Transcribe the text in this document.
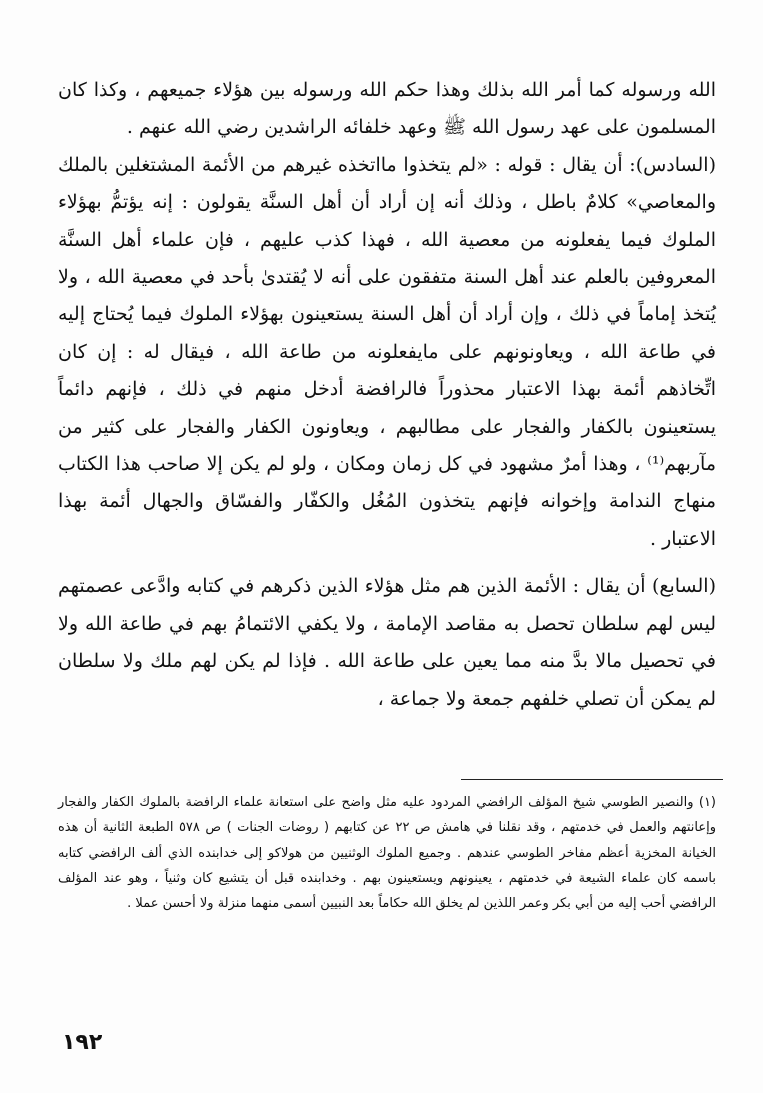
الله ورسوله كما أمر الله بذلك وهذا حكم الله ورسوله بين هؤلاء جميعهم ، وكذا كان المسلمون على عهد رسول الله ﷺ وعهد خلفائه الراشدين رضي الله عنهم .

(السادس): أن يقال : قوله : «لم يتخذوا مااتخذه غيرهم من الأئمة المشتغلين بالملك والمعاصي» كلامٌ باطل ، وذلك أنه إن أراد أن أهل السنَّة يقولون : إنه يؤتمُّ بهؤلاء الملوك فيما يفعلونه من معصية الله ، فهذا كذب عليهم ، فإن علماء أهل السنَّة المعروفين بالعلم عند أهل السنة متفقون على أنه لا يُقتدىٰ بأحد في معصية الله ، ولا يُتخذ إماماً في ذلك ، وإن أراد أن أهل السنة يستعينون بهؤلاء الملوك فيما يُحتاج إليه في طاعة الله ، ويعاونونهم على مايفعلونه من طاعة الله ، فيقال له : إن كان اتِّخاذهم أئمة بهذا الاعتبار محذوراً فالرافضة أدخل منهم في ذلك ، فإنهم دائماً يستعينون بالكفار والفجار على مطالبهم ، ويعاونون الكفار والفجار على كثير من مآربهم⁽¹⁾ ، وهذا أمرٌ مشهود في كل زمان ومكان ، ولو لم يكن إلا صاحب هذا الكتاب منهاج الندامة وإخوانه فإنهم يتخذون المُغُل والكفّار والفسّاق والجهال أئمة بهذا الاعتبار .

(السابع) أن يقال : الأئمة الذين هم مثل هؤلاء الذين ذكرهم في كتابه وادَّعى عصمتهم ليس لهم سلطان تحصل به مقاصد الإمامة ، ولا يكفي الائتمامُ بهم في طاعة الله ولا في تحصيل مالا بدَّ منه مما يعين على طاعة الله . فإذا لم يكن لهم ملك ولا سلطان لم يمكن أن تصلي خلفهم جمعة ولا جماعة ،

(١) والنصير الطوسي شيخ المؤلف الرافضي المردود عليه مثل واضح على استعانة علماء الرافضة بالملوك الكفار والفجار وإعانتهم والعمل في خدمتهم ، وقد نقلنا في هامش ص ٢٢ عن كتابهم ( روضات الجنات ) ص ٥٧٨ الطبعة الثانية أن هذه الخيانة المخزية أعظم مفاخر الطوسي عندهم . وجميع الملوك الوثنيين من هولاكو إلى خدابنده الذي ألف الرافضي كتابه باسمه كان علماء الشيعة في خدمتهم ، يعينونهم ويستعينون بهم . وخدابنده قبل أن يتشيع كان وثنياً ، وهو عند المؤلف الرافضي أحب إليه من أبي بكر وعمر اللذين لم يخلق الله حكاماً بعد النبيين أسمى منهما منزلة ولا أحسن عملا .
١٩٢
